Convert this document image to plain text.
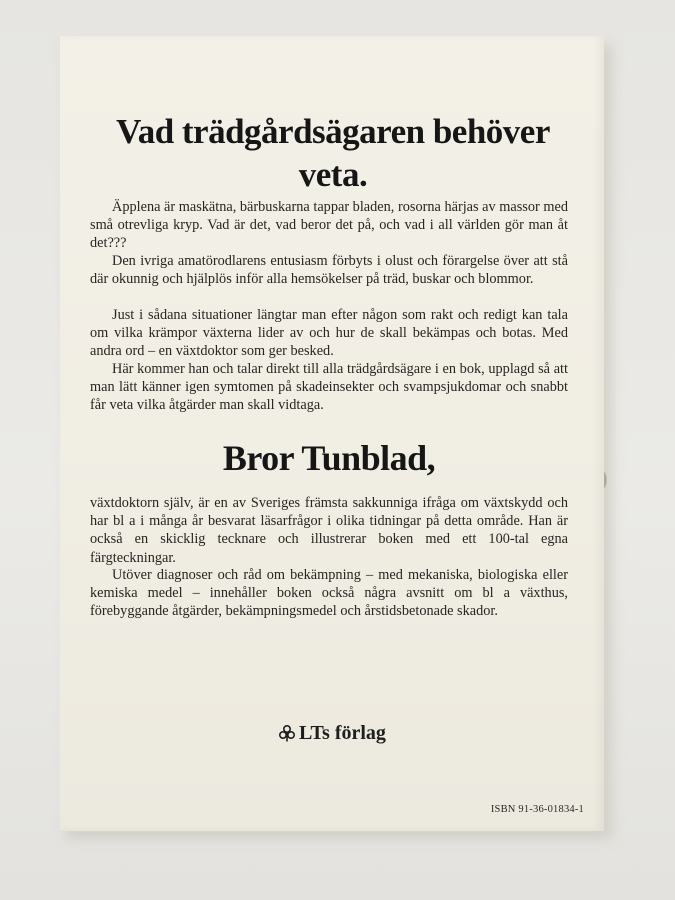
Vad trädgårdsägaren behöver veta.

Äpplena är maskätna, bärbuskarna tappar bladen, rosorna härjas av massor med små otrevliga kryp. Vad är det, vad beror det på, och vad i all världen gör man åt det???

Den ivriga amatörodlarens entusiasm förbyts i olust och förargelse över att stå där okunnig och hjälplös inför alla hemsökelser på träd, buskar och blommor.

Just i sådana situationer längtar man efter någon som rakt och redigt kan tala om vilka krämpor växterna lider av och hur de skall bekämpas och botas. Med andra ord – en växtdoktor som ger besked.

Här kommer han och talar direkt till alla trädgårdsägare i en bok, upplagd så att man lätt känner igen symtomen på skadeinsekter och svampsjukdomar och snabbt får veta vilka åtgärder man skall vidtaga.

Bror Tunblad,

växtdoktorn själv, är en av Sveriges främsta sakkunniga ifråga om växtskydd och har bl a i många år besvarat läsarfrågor i olika tidningar på detta område. Han är också en skicklig tecknare och illustrerar boken med ett 100-tal egna färgteckningar.

Utöver diagnoser och råd om bekämpning – med mekaniska, biologiska eller kemiska medel – innehåller boken också några avsnitt om bl a växthus, förebyggande åtgärder, bekämpningsmedel och årstidsbetonade skador.

LTs förlag
ISBN 91-36-01834-1
